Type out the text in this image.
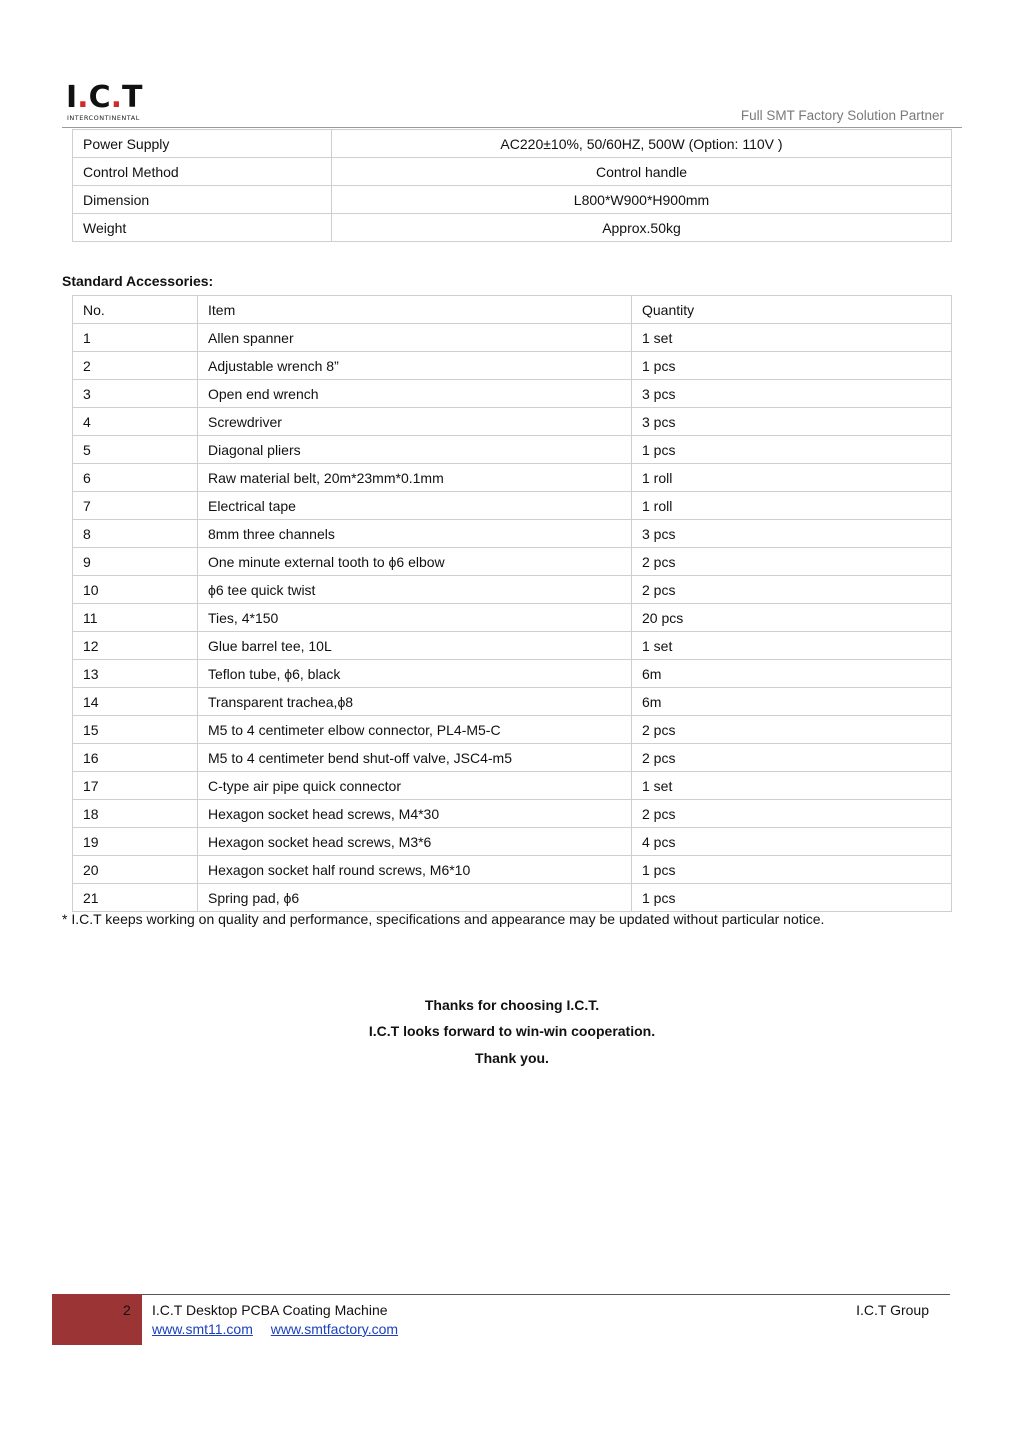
I.C.T
INTERCONTINENTAL	Full SMT Factory Solution Partner
Power Supply	AC220±10%, 50/60HZ, 500W (Option: 110V )
Control Method	Control handle
Dimension	L800*W900*H900mm
Weight	Approx.50kg
Standard Accessories:
No.	Item	Quantity
1	Allen spanner	1 set
2	Adjustable wrench 8”	1 pcs
3	Open end wrench	3 pcs
4	Screwdriver	3 pcs
5	Diagonal pliers	1 pcs
6	Raw material belt, 20m*23mm*0.1mm	1 roll
7	Electrical tape	1 roll
8	8mm three channels	3 pcs
9	One minute external tooth to ϕ6 elbow	2 pcs
10	ϕ6 tee quick twist	2 pcs
11	Ties, 4*150	20 pcs
12	Glue barrel tee, 10L	1 set
13	Teflon tube, ϕ6, black	6m
14	Transparent trachea,ϕ8	6m
15	M5 to 4 centimeter elbow connector, PL4-M5-C	2 pcs
16	M5 to 4 centimeter bend shut-off valve, JSC4-m5	2 pcs
17	C-type air pipe quick connector	1 set
18	Hexagon socket head screws, M4*30	2 pcs
19	Hexagon socket head screws, M3*6	4 pcs
20	Hexagon socket half round screws, M6*10	1 pcs
21	Spring pad, ϕ6	1 pcs
* I.C.T keeps working on quality and performance, specifications and appearance may be updated without particular notice.
Thanks for choosing I.C.T.
I.C.T looks forward to win-win cooperation.
Thank you.
2 I.C.T Desktop PCBA Coating Machine	I.C.T Group
www.smt11.com www.smtfactory.com
